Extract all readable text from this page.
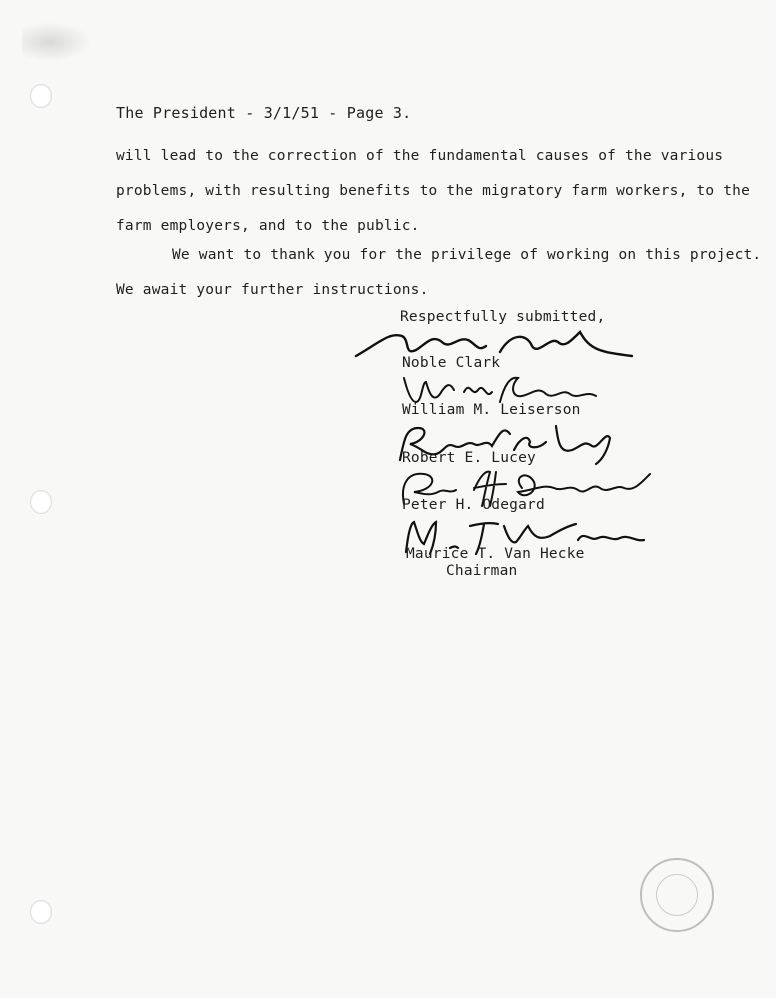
The President - 3/1/51 - Page 3.
will lead to the correction of the fundamental causes of the various
problems, with resulting benefits to the migratory farm workers, to the
farm employers, and to the public.
We want to thank you for the privilege of working on this project.
We await your further instructions.
Respectfully submitted,
Noble Clark
William M. Leiserson
Robert E. Lucey
Peter H. Odegard
Maurice T. Van Hecke
Chairman
